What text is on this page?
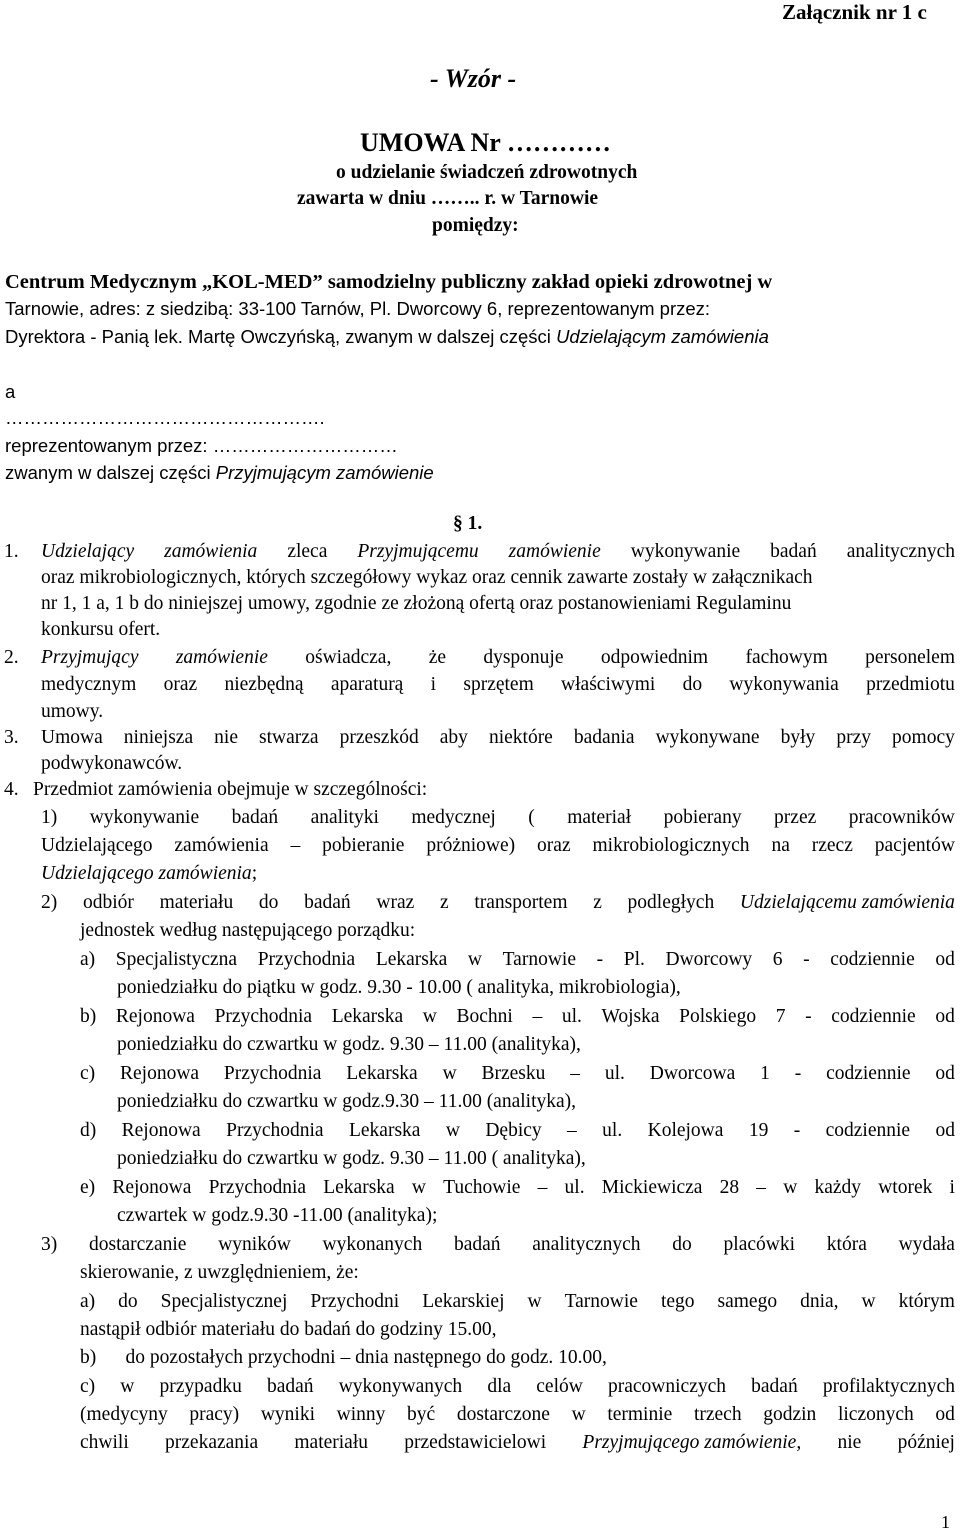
Załącznik nr 1 c
- Wzór -
UMOWA Nr …………
o udzielanie świadczeń zdrowotnych
zawarta w dniu …….. r. w Tarnowie
pomiędzy:
Centrum Medycznym „KOL-MED” samodzielny publiczny zakład opieki zdrowotnej w
Tarnowie, adres: z siedzibą: 33-100 Tarnów, Pl. Dworcowy 6, reprezentowanym przez:
Dyrektora - Panią lek. Martę Owczyńską, zwanym w dalszej części Udzielającym zamówienia
a
…………………………………………….
reprezentowanym przez: …………………………
zwanym w dalszej części Przyjmującym zamówienie
§ 1.
1. Udzielający zamówienia zleca Przyjmującemu zamówienie wykonywanie badań analitycznych
oraz mikrobiologicznych, których szczegółowy wykaz oraz cennik zawarte zostały w załącznikach
nr 1, 1 a, 1 b do niniejszej umowy, zgodnie ze złożoną ofertą oraz postanowieniami Regulaminu
konkursu ofert.
2. Przyjmujący zamówienie oświadcza, że dysponuje odpowiednim fachowym personelem
medycznym oraz niezbędną aparaturą i sprzętem właściwymi do wykonywania przedmiotu
umowy.
3. Umowa niniejsza nie stwarza przeszkód aby niektóre badania wykonywane były przy pomocy
podwykonawców.
4. Przedmiot zamówienia obejmuje w szczególności:
1) wykonywanie badań analityki medycznej ( materiał pobierany przez pracowników
Udzielającego zamówienia – pobieranie próżniowe) oraz mikrobiologicznych na rzecz pacjentów
Udzielającego zamówienia;
2) odbiór materiału do badań wraz z transportem z podległych Udzielającemu zamówienia
jednostek według następującego porządku:
a) Specjalistyczna Przychodnia Lekarska w Tarnowie - Pl. Dworcowy 6 - codziennie od
poniedziałku do piątku w godz. 9.30 - 10.00 ( analityka, mikrobiologia),
b) Rejonowa Przychodnia Lekarska w Bochni – ul. Wojska Polskiego 7 - codziennie od
poniedziałku do czwartku w godz. 9.30 – 11.00 (analityka),
c) Rejonowa Przychodnia Lekarska w Brzesku – ul. Dworcowa 1 - codziennie od
poniedziałku do czwartku w godz.9.30 – 11.00 (analityka),
d) Rejonowa Przychodnia Lekarska w Dębicy – ul. Kolejowa 19 - codziennie od
poniedziałku do czwartku w godz. 9.30 – 11.00 ( analityka),
e) Rejonowa Przychodnia Lekarska w Tuchowie – ul. Mickiewicza 28 – w każdy wtorek i
czwartek w godz.9.30 -11.00 (analityka);
3) dostarczanie wyników wykonanych badań analitycznych do placówki która wydała
skierowanie, z uwzględnieniem, że:
a) do Specjalistycznej Przychodni Lekarskiej w Tarnowie tego samego dnia, w którym
nastąpił odbiór materiału do badań do godziny 15.00,
b)      do pozostałych przychodni – dnia następnego do godz. 10.00,
c) w przypadku badań wykonywanych dla celów pracowniczych badań profilaktycznych
(medycyny pracy) wyniki winny być dostarczone w terminie trzech godzin liczonych od
chwili przekazania materiału przedstawicielowi Przyjmującego zamówienie, nie później
1
